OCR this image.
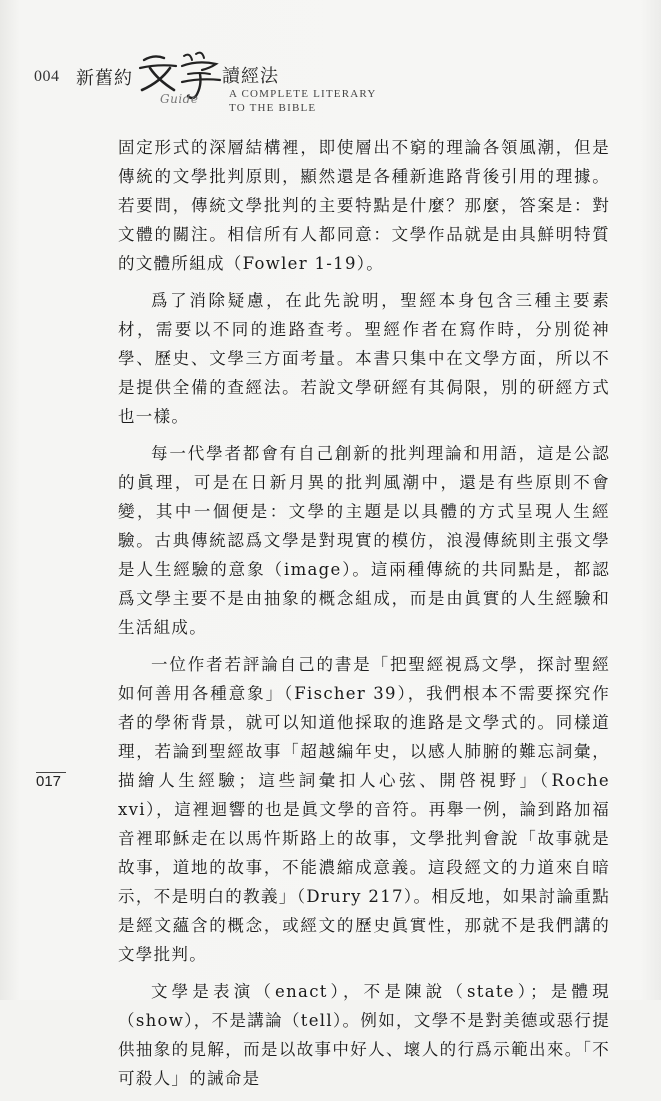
004 新舊約
Guide
讀經法
A COMPLETE LITERARY
TO THE BIBLE
017

固定形式的深層結構裡，即使層出不窮的理論各領風潮，但是傳統的文學批判原則，顯然還是各種新進路背後引用的理據。若要問，傳統文學批判的主要特點是什麼？那麼，答案是：對文體的關注。相信所有人都同意：文學作品就是由具鮮明特質的文體所組成（Fowler 1-19）。

爲了消除疑慮，在此先說明，聖經本身包含三種主要素材，需要以不同的進路查考。聖經作者在寫作時，分別從神學、歷史、文學三方面考量。本書只集中在文學方面，所以不是提供全備的查經法。若說文學研經有其侷限，別的研經方式也一樣。

每一代學者都會有自己創新的批判理論和用語，這是公認的眞理，可是在日新月異的批判風潮中，還是有些原則不會變，其中一個便是：文學的主題是以具體的方式呈現人生經驗。古典傳統認爲文學是對現實的模仿，浪漫傳統則主張文學是人生經驗的意象（image）。這兩種傳統的共同點是，都認爲文學主要不是由抽象的概念組成，而是由眞實的人生經驗和生活組成。

一位作者若評論自己的書是「把聖經視爲文學，探討聖經如何善用各種意象」（Fischer 39），我們根本不需要探究作者的學術背景，就可以知道他採取的進路是文學式的。同樣道理，若論到聖經故事「超越編年史，以感人肺腑的難忘詞彙，描繪人生經驗；這些詞彙扣人心弦、開啓視野」（Roche xvi），這裡迴響的也是眞文學的音符。再舉一例，論到路加福音裡耶穌走在以馬忤斯路上的故事，文學批判會說「故事就是故事，道地的故事，不能濃縮成意義。這段經文的力道來自暗示，不是明白的教義」（Drury 217）。相反地，如果討論重點是經文蘊含的概念，或經文的歷史眞實性，那就不是我們講的文學批判。

文學是表演（enact），不是陳說（state）；是體現（show），不是講論（tell）。例如，文學不是對美德或惡行提供抽象的見解，而是以故事中好人、壞人的行爲示範出來。「不可殺人」的誡命是
